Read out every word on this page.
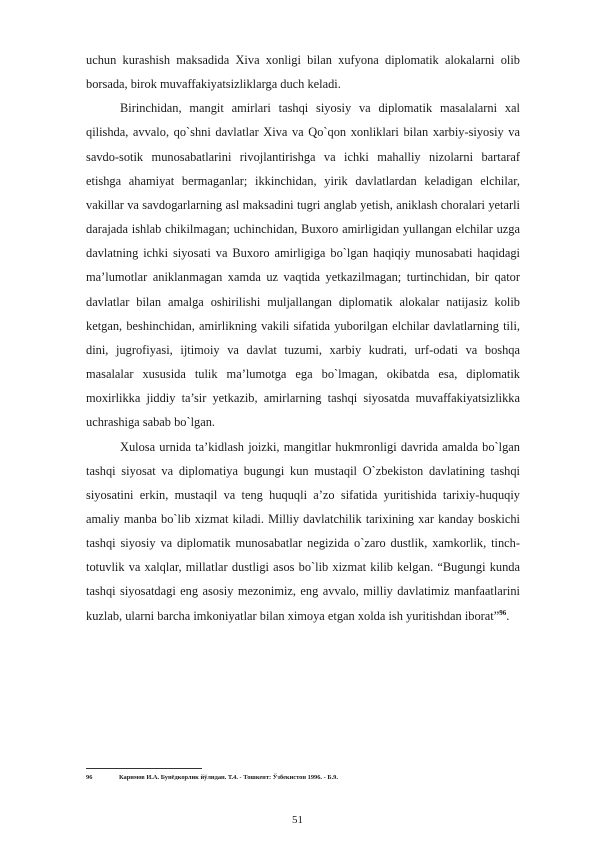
uchun kurashish maksadida Xiva xonligi bilan xufyona diplomatik alokalarni olib borsada, birok muvaffakiyatsizliklarga duch keladi.

Birinchidan, mangit amirlari tashqi siyosiy va diplomatik masalalarni xal qilishda, avvalo, qo`shni davlatlar Xiva va Qo`qon xonliklari bilan xarbiy-siyosiy va savdo-sotik munosabatlarini rivojlantirishga va ichki mahalliy nizolarni bartaraf etishga ahamiyat bermaganlar; ikkinchidan, yirik davlatlardan keladigan elchilar, vakillar va savdogarlarning asl maksadini tugri anglab yetish, aniklash choralari yetarli darajada ishlab chikilmagan; uchinchidan, Buxoro amirligidan yullangan elchilar uzga davlatning ichki siyosati va Buxoro amirligiga bo`lgan haqiqiy munosabati haqidagi ma’lumotlar aniklanmagan xamda uz vaqtida yetkazilmagan; turtinchidan, bir qator davlatlar bilan amalga oshirilishi muljallangan diplomatik alokalar natijasiz kolib ketgan, beshinchidan, amirlikning vakili sifatida yuborilgan elchilar davlatlarning tili, dini, jugrofiyasi, ijtimoiy va davlat tuzumi, xarbiy kudrati, urf-odati va boshqa masalalar xususida tulik ma’lumotga ega bo`lmagan, okibatda esa, diplomatik moxirlikka jiddiy ta’sir yetkazib, amirlarning tashqi siyosatda muvaffakiyatsizlikka uchrashiga sabab bo`lgan.

Xulosa urnida ta’kidlash joizki, mangitlar hukmronligi davrida amalda bo`lgan tashqi siyosat va diplomatiya bugungi kun mustaqil O`zbekiston davlatining tashqi siyosatini erkin, mustaqil va teng huquqli a’zo sifatida yuritishida tarixiy-huquqiy amaliy manba bo`lib xizmat kiladi. Milliy davlatchilik tarixining xar kanday boskichi tashqi siyosiy va diplomatik munosabatlar negizida o`zaro dustlik, xamkorlik, tinch-totuvlik va xalqlar, millatlar dustligi asos bo`lib xizmat kilib kelgan. “Bugungi kunda tashqi siyosatdagi eng asosiy mezonimiz, eng avvalo, milliy davlatimiz manfaatlarini kuzlab, ularni barcha imkoniyatlar bilan ximoya etgan xolda ish yuritishdan iborat”$^{96}$.

96	Каримов И.А. Бунёдкорлик йўлидан. Т.4. - Тошкент: Ўзбекистон 1996. - Б.9.
51
